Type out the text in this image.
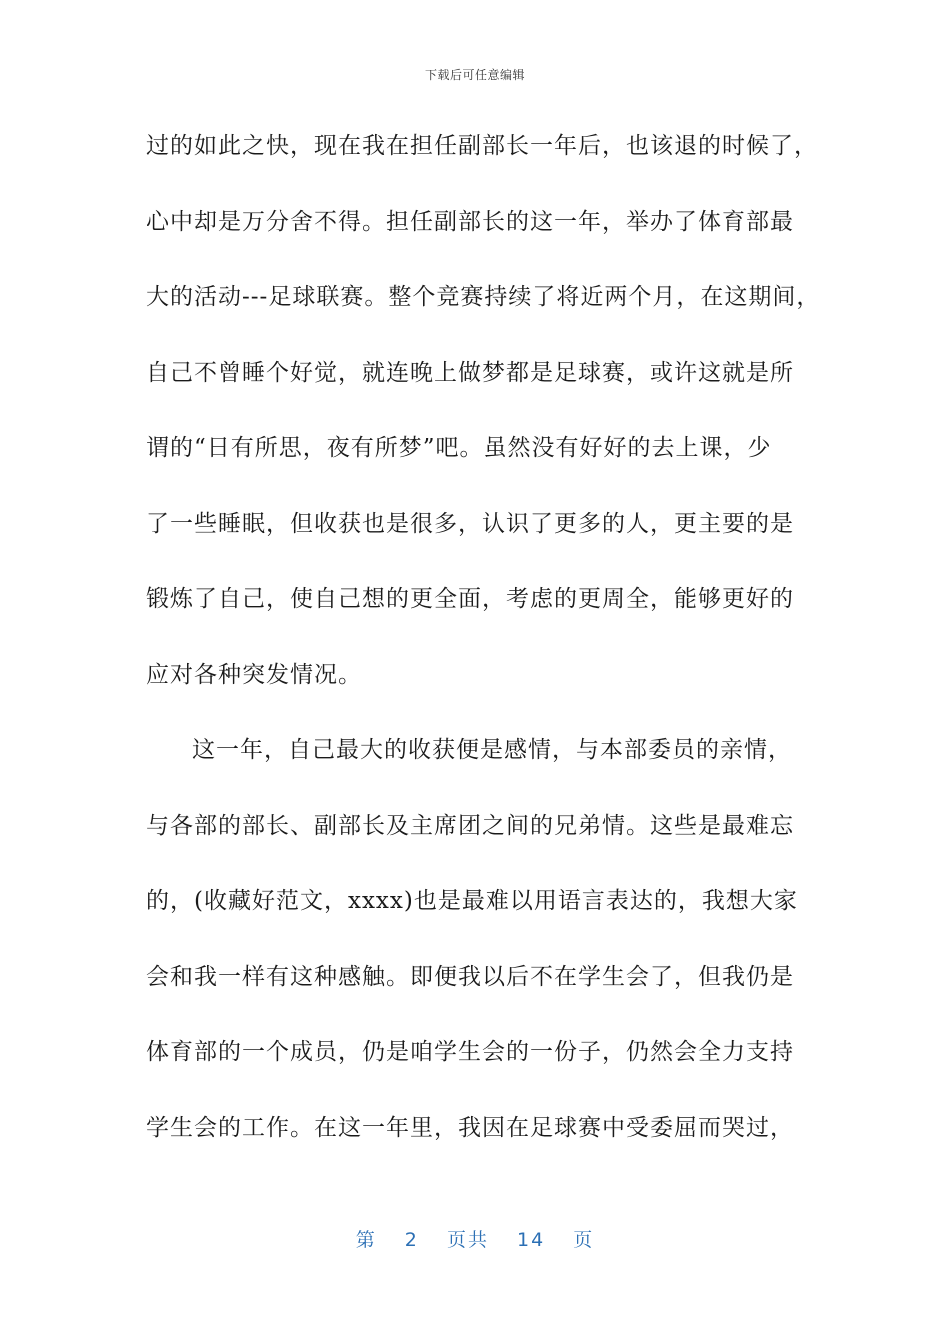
下载后可任意编辑
过的如此之快，现在我在担任副部长一年后，也该退的时候了，
心中却是万分舍不得。担任副部长的这一年，举办了体育部最
大的活动---足球联赛。整个竞赛持续了将近两个月，在这期间，
自己不曾睡个好觉，就连晚上做梦都是足球赛，或许这就是所
谓的“日有所思，夜有所梦”吧。虽然没有好好的去上课，少
了一些睡眠，但收获也是很多，认识了更多的人，更主要的是
锻炼了自己，使自己想的更全面，考虑的更周全，能够更好的
应对各种突发情况。
这一年，自己最大的收获便是感情，与本部委员的亲情，
与各部的部长、副部长及主席团之间的兄弟情。这些是最难忘
的，(收藏好范文，xxxx)也是最难以用语言表达的，我想大家
会和我一样有这种感触。即便我以后不在学生会了，但我仍是
体育部的一个成员，仍是咱学生会的一份子，仍然会全力支持
学生会的工作。在这一年里，我因在足球赛中受委屈而哭过，
第 2 页共 14 页
